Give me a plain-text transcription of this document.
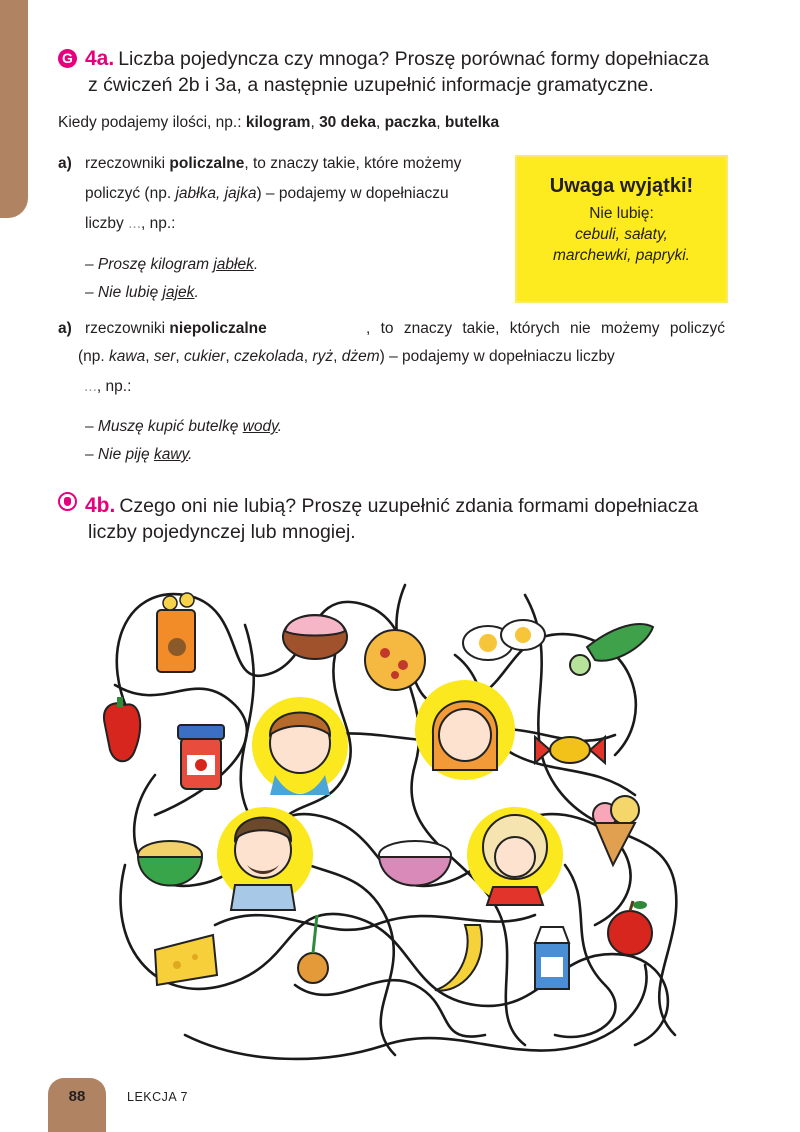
G 4a. Liczba pojedyncza czy mnoga? Proszę porównać formy dopełniacza
z ćwiczeń 2b i 3a, a następnie uzupełnić informacje gramatyczne.
Kiedy podajemy ilości, np.: kilogram, 30 deka, paczka, butelka
a) rzeczowniki policzalne, to znaczy takie, które możemy
policzyć (np. jabłka, jajka) – podajemy w dopełniaczu
liczby ..., np.:
– Proszę kilogram jabłek.
– Nie lubię jajek.
Uwaga wyjątki!
Nie lubię:
cebuli, sałaty,
marchewki, papryki.
a) rzeczowniki niepoliczalne	, to znaczy takie, których nie możemy policzyć
(np. kawa, ser, cukier, czekolada, ryż, dżem) – podajemy w dopełniaczu liczby
..., np.:
– Muszę kupić butelkę wody.
– Nie piję kawy.
4b. Czego oni nie lubią? Proszę uzupełnić zdania formami dopełniacza
liczby pojedynczej lub mnogiej.
88	LEKCJA 7
